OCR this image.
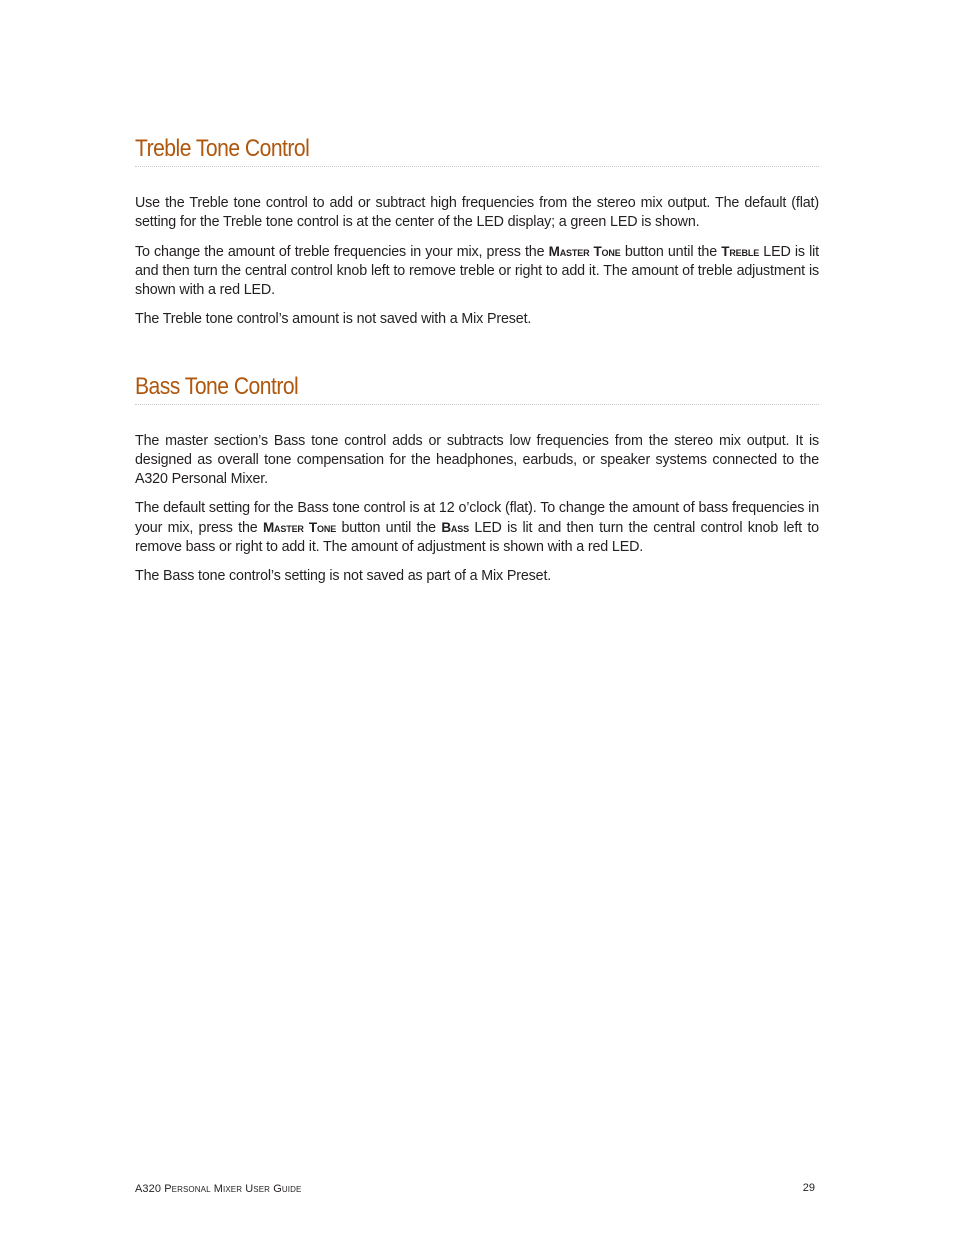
Treble Tone Control

Use the Treble tone control to add or subtract high frequencies from the stereo mix output. The default (flat) setting for the Treble tone control is at the center of the LED display; a green LED is shown.

To change the amount of treble frequencies in your mix, press the Master Tone button until the Treble LED is lit and then turn the central control knob left to remove treble or right to add it. The amount of treble adjustment is shown with a red LED.

The Treble tone control’s amount is not saved with a Mix Preset.

Bass Tone Control

The master section’s Bass tone control adds or subtracts low frequencies from the stereo mix output. It is designed as overall tone compensation for the headphones, earbuds, or speaker systems connected to the A320 Personal Mixer.

The default setting for the Bass tone control is at 12 o’clock (flat). To change the amount of bass frequencies in your mix, press the Master Tone button until the Bass LED is lit and then turn the central control knob left to remove bass or right to add it. The amount of adjustment is shown with a red LED.

The Bass tone control’s setting is not saved as part of a Mix Preset.

A320 Personal Mixer User Guide	29
